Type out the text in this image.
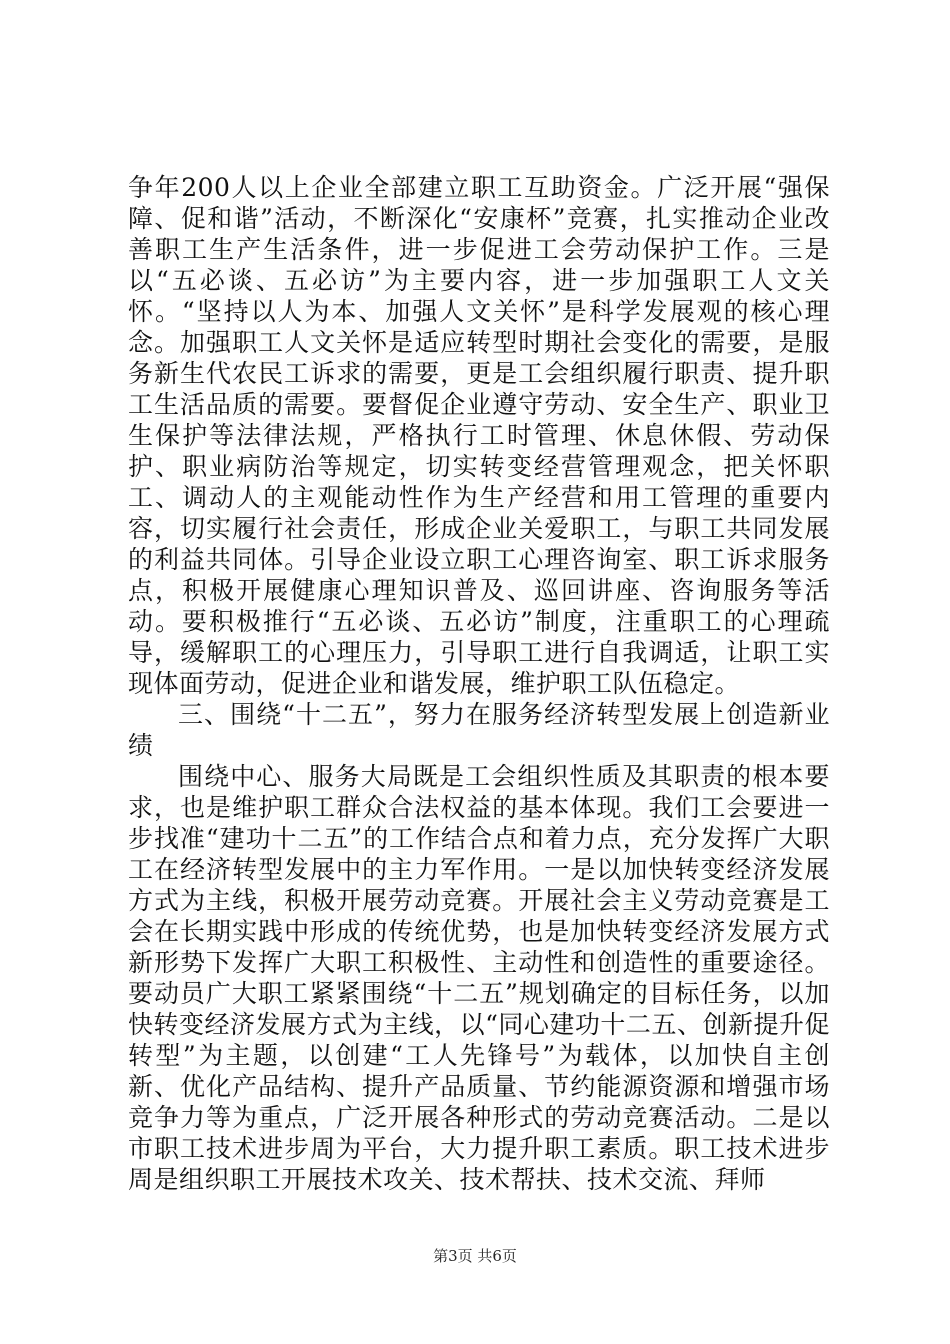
争年200人以上企业全部建立职工互助资金。广泛开展“强保障、促和谐”活动，不断深化“安康杯”竞赛，扎实推动企业改善职工生产生活条件，进一步促进工会劳动保护工作。三是以“五必谈、五必访”为主要内容，进一步加强职工人文关怀。“坚持以人为本、加强人文关怀”是科学发展观的核心理念。加强职工人文关怀是适应转型时期社会变化的需要，是服务新生代农民工诉求的需要，更是工会组织履行职责、提升职工生活品质的需要。要督促企业遵守劳动、安全生产、职业卫生保护等法律法规，严格执行工时管理、休息休假、劳动保护、职业病防治等规定，切实转变经营管理观念，把关怀职工、调动人的主观能动性作为生产经营和用工管理的重要内容，切实履行社会责任，形成企业关爱职工，与职工共同发展的利益共同体。引导企业设立职工心理咨询室、职工诉求服务点，积极开展健康心理知识普及、巡回讲座、咨询服务等活动。要积极推行“五必谈、五必访”制度，注重职工的心理疏导，缓解职工的心理压力，引导职工进行自我调适，让职工实现体面劳动，促进企业和谐发展，维护职工队伍稳定。

三、围绕“十二五”，努力在服务经济转型发展上创造新业绩

围绕中心、服务大局既是工会组织性质及其职责的根本要求，也是维护职工群众合法权益的基本体现。我们工会要进一步找准“建功十二五”的工作结合点和着力点，充分发挥广大职工在经济转型发展中的主力军作用。一是以加快转变经济发展方式为主线，积极开展劳动竞赛。开展社会主义劳动竞赛是工会在长期实践中形成的传统优势，也是加快转变经济发展方式新形势下发挥广大职工积极性、主动性和创造性的重要途径。要动员广大职工紧紧围绕“十二五”规划确定的目标任务，以加快转变经济发展方式为主线，以“同心建功十二五、创新提升促转型”为主题，以创建“工人先锋号”为载体，以加快自主创新、优化产品结构、提升产品质量、节约能源资源和增强市场竞争力等为重点，广泛开展各种形式的劳动竞赛活动。二是以市职工技术进步周为平台，大力提升职工素质。职工技术进步周是组织职工开展技术攻关、技术帮扶、技术交流、拜师

第3页 共6页
